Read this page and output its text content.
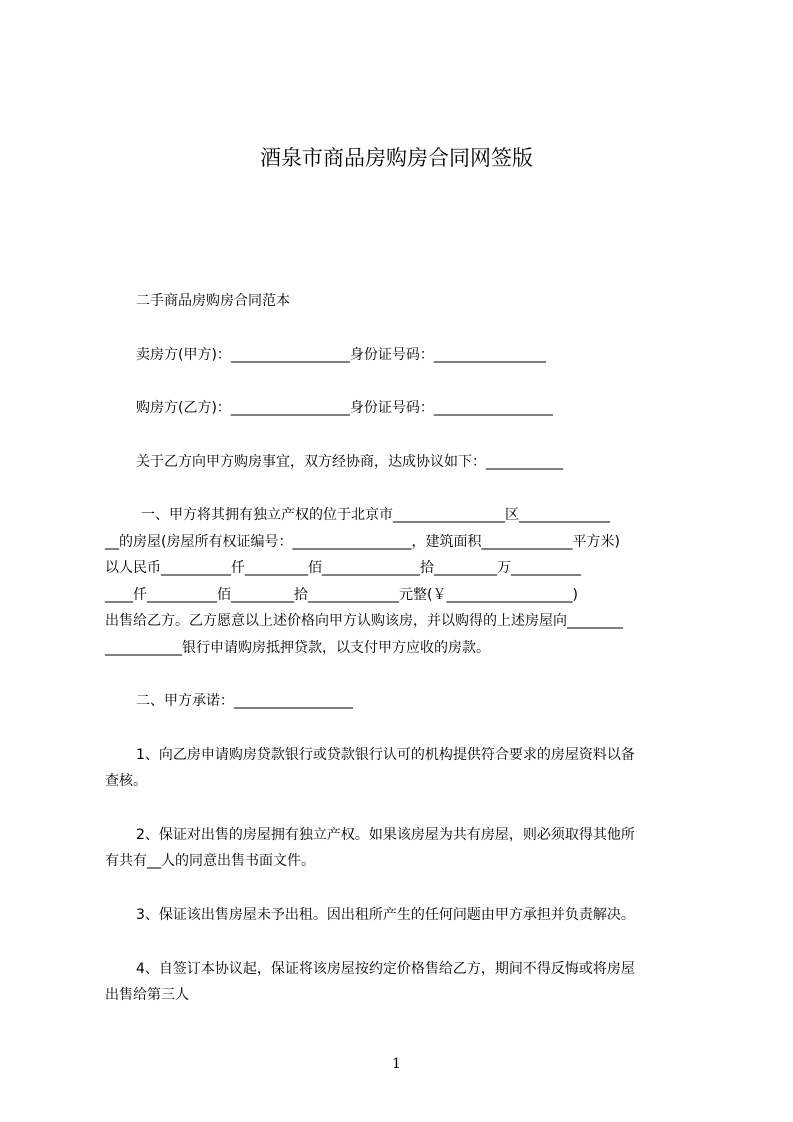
酒泉市商品房购房合同网签版
二手商品房购房合同范本
卖房方(甲方)：_________________身份证号码：________________
购房方(乙方)：_________________身份证号码：_________________
关于乙方向甲方购房事宜，双方经协商，达成协议如下：___________
一、甲方将其拥有独立产权的位于北京市________________区_____________
__的房屋(房屋所有权证编号：_________________，建筑面积_____________平方米)
以人民币__________仟_________佰______________拾_________万__________
____仟__________佰_________拾_____________元整(￥__________________)
出售给乙方。乙方愿意以上述价格向甲方认购该房，并以购得的上述房屋向________
___________银行申请购房抵押贷款，以支付甲方应收的房款。
二、甲方承诺：_________________
1、向乙房申请购房贷款银行或贷款银行认可的机构提供符合要求的房屋资料以备
查核。
2、保证对出售的房屋拥有独立产权。如果该房屋为共有房屋，则必须取得其他所
有共有__人的同意出售书面文件。
3、保证该出售房屋未予出租。因出租所产生的任何问题由甲方承担并负责解决。
4、自签订本协议起，保证将该房屋按约定价格售给乙方，期间不得反悔或将房屋
出售给第三人
1
